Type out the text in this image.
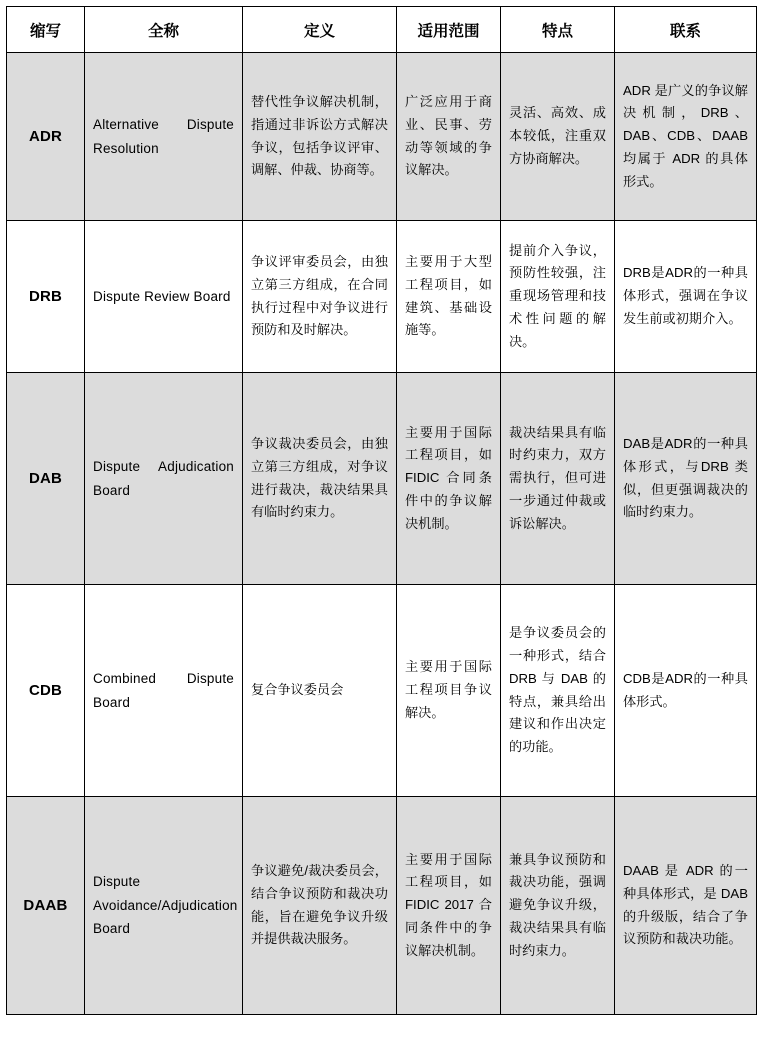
缩写	全称	定义	适用范围	特点	联系
ADR	Alternative Dispute Resolution	替代性争议解决机制，指通过非诉讼方式解决争议，包括争议评审、调解、仲裁、协商等。	广泛应用于商业、民事、劳动等领域的争议解决。	灵活、高效、成本较低，注重双方协商解决。	ADR 是广义的争议解决机制，DRB、DAB、CDB、DAAB 均属于 ADR 的具体形式。
DRB	Dispute Review Board	争议评审委员会，由独立第三方组成，在合同执行过程中对争议进行预防和及时解决。	主要用于大型工程项目，如建筑、基础设施等。	提前介入争议，预防性较强，注重现场管理和技术性问题的解决。	DRB是ADR的一种具体形式，强调在争议发生前或初期介入。
DAB	Dispute Adjudication Board	争议裁决委员会，由独立第三方组成，对争议进行裁决，裁决结果具有临时约束力。	主要用于国际工程项目，如 FIDIC 合同条件中的争议解决机制。	裁决结果具有临时约束力，双方需执行，但可进一步通过仲裁或诉讼解决。	DAB是ADR的一种具体形式，与DRB 类似，但更强调裁决的临时约束力。
CDB	Combined Dispute Board	复合争议委员会	主要用于国际工程项目争议解决。	是争议委员会的一种形式，结合 DRB 与 DAB 的特点，兼具给出建议和作出决定的功能。	CDB是ADR的一种具体形式。
DAAB	Dispute Avoidance/Adjudication Board	争议避免/裁决委员会，结合争议预防和裁决功能，旨在避免争议升级并提供裁决服务。	主要用于国际工程项目，如 FIDIC 2017 合同条件中的争议解决机制。	兼具争议预防和裁决功能，强调避免争议升级，裁决结果具有临时约束力。	DAAB 是 ADR 的一种具体形式，是 DAB 的升级版，结合了争议预防和裁决功能。
